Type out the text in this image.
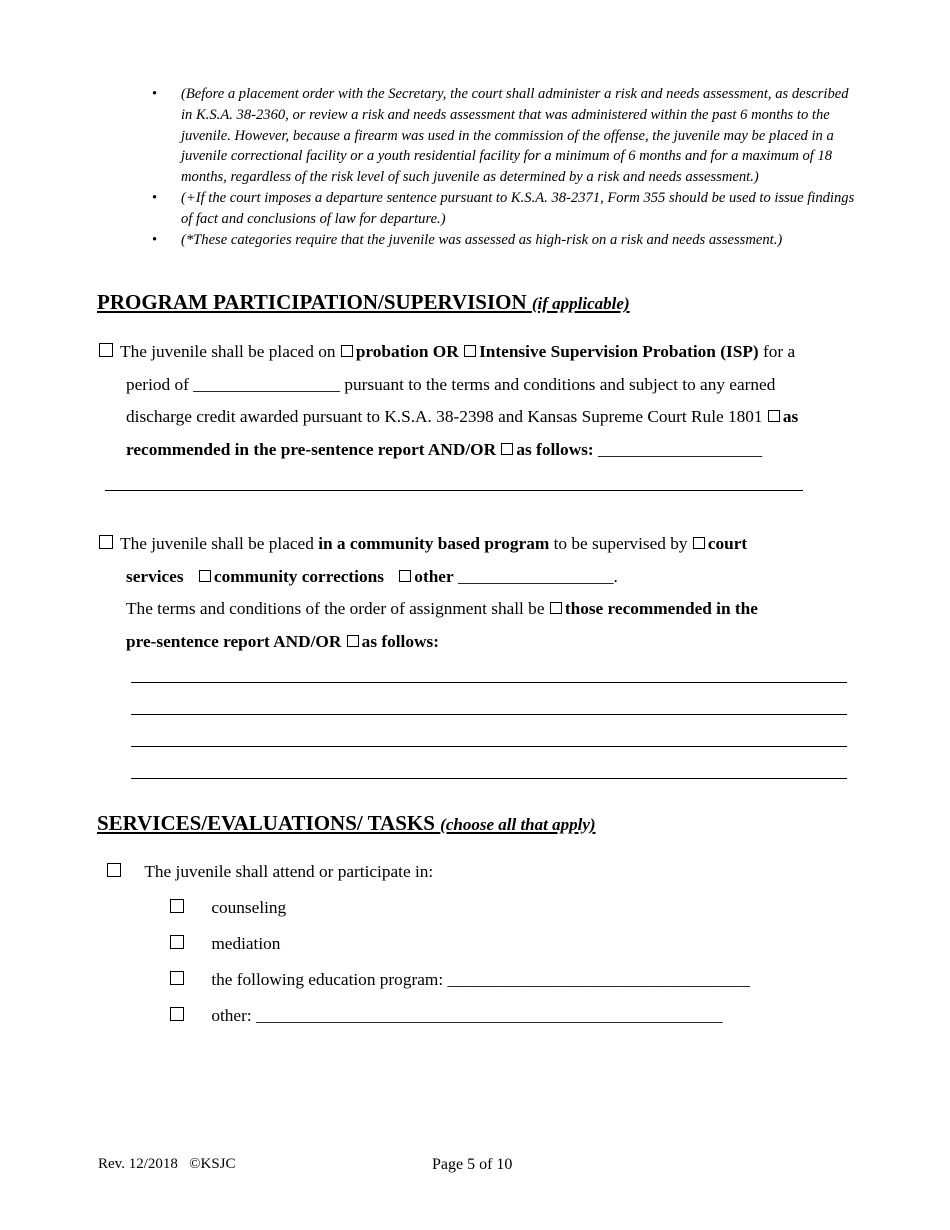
• (Before a placement order with the Secretary, the court shall administer a risk and needs assessment, as described in K.S.A. 38-2360, or review a risk and needs assessment that was administered within the past 6 months to the juvenile. However, because a firearm was used in the commission of the offense, the juvenile may be placed in a juvenile correctional facility or a youth residential facility for a minimum of 6 months and for a maximum of 18 months, regardless of the risk level of such juvenile as determined by a risk and needs assessment.)
• (+If the court imposes a departure sentence pursuant to K.S.A. 38-2371, Form 355 should be used to issue findings of fact and conclusions of law for departure.)
• (*These categories require that the juvenile was assessed as high-risk on a risk and needs assessment.)
PROGRAM PARTICIPATION/SUPERVISION (if applicable)
The juvenile shall be placed on probation OR Intensive Supervision Probation (ISP) for a
period of _________________ pursuant to the terms and conditions and subject to any earned
discharge credit awarded pursuant to K.S.A. 38-2398 and Kansas Supreme Court Rule 1801 as
recommended in the pre-sentence report AND/OR as follows: ___________________
The juvenile shall be placed in a community based program to be supervised by court
services community corrections other __________________.
The terms and conditions of the order of assignment shall be those recommended in the
pre-sentence report AND/OR as follows:
SERVICES/EVALUATIONS/ TASKS (choose all that apply)
The juvenile shall attend or participate in:
counseling
mediation
the following education program: ___________________________________
other: ______________________________________________________
Rev. 12/2018 ©KSJC	Page 5 of 10
